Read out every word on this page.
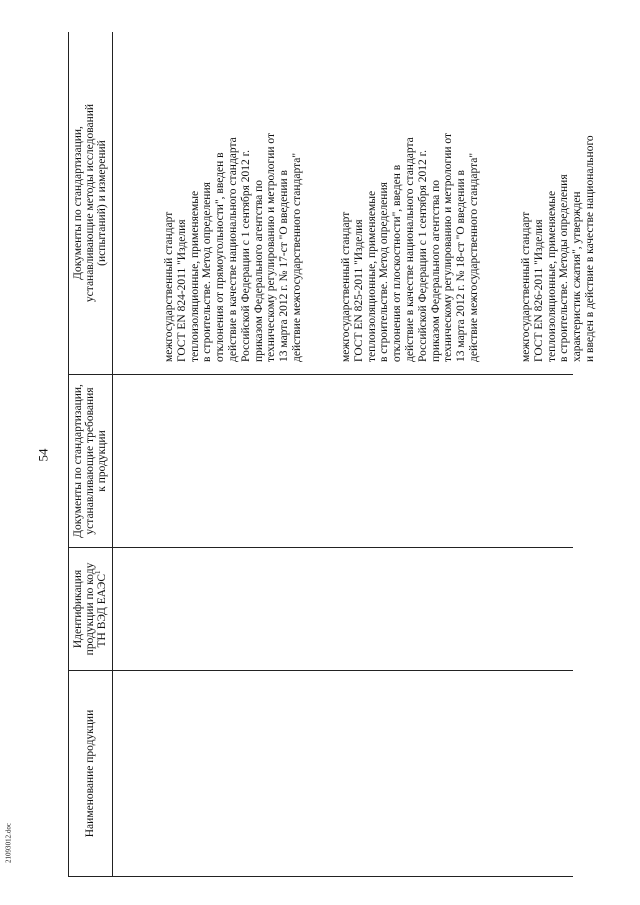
54
2109З012.doc
Наименование продукции
Идентификация продукции по коду ТН ВЭД ЕАЭС$^1$
Документы по стандартизации, устанавливающие требования к продукции
Документы по стандартизации, устанавливающие методы исследований (испытаний) и измерений
межгосударственный стандарт ГОСТ EN 824-2011 "Изделия теплоизоляционные, применяемые в строительстве. Метод определения отклонения от прямоугольности", введен в действие в качестве национального стандарта Российской Федерации с 1 сентября 2012 г. приказом Федерального агентства по техническому регулированию и метрологии от 13 марта 2012 г. № 17-ст "О введении в действие межгосударственного стандарта"	межгосударственный стандарт ГОСТ EN 825-2011 "Изделия теплоизоляционные, применяемые в строительстве. Метод определения отклонения от плоскостности", введен в действие в качестве национального стандарта Российской Федерации с 1 сентября 2012 г. приказом Федерального агентства по техническому регулированию и метрологии от 13 марта 2012 г. № 18-ст "О введении в действие межгосударственного стандарта"	межгосударственный стандарт ГОСТ EN 826-2011 "Изделия теплоизоляционные, применяемые в строительстве. Методы определения характеристик сжатия", утвержден и введен в действие в качестве национального
